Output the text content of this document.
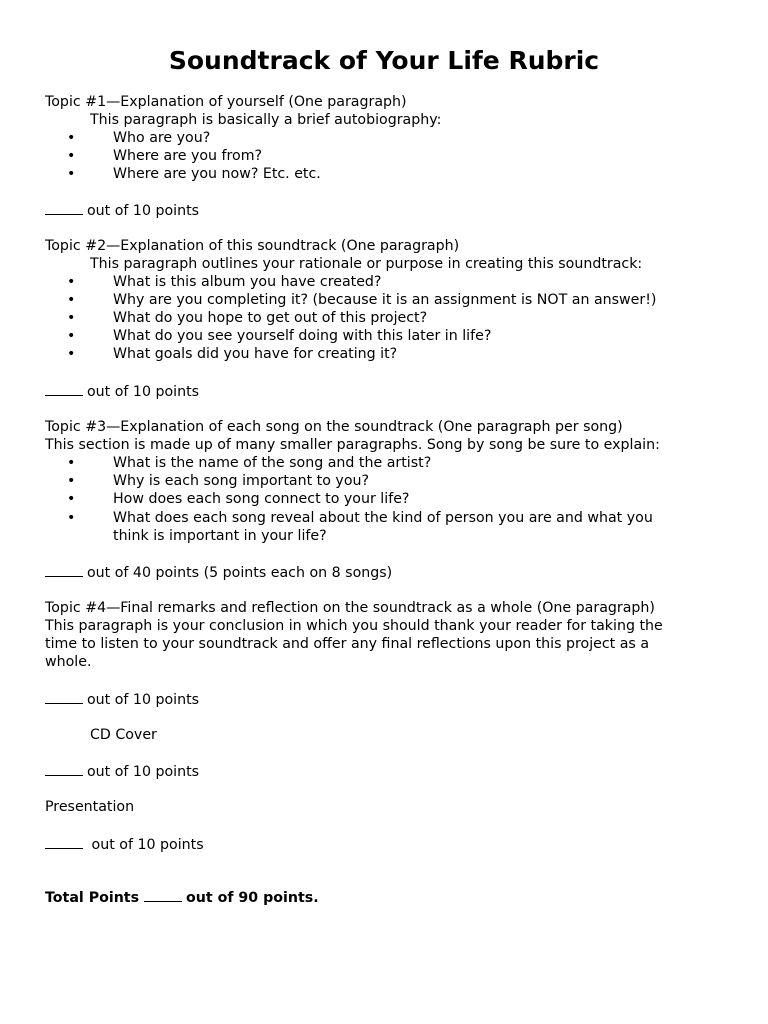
Soundtrack of Your Life Rubric
Topic #1—Explanation of yourself (One paragraph)
This paragraph is basically a brief autobiography:
•	Who are you?
•	Where are you from?
•	Where are you now? Etc. etc.
out of 10 points
Topic #2—Explanation of this soundtrack (One paragraph)
This paragraph outlines your rationale or purpose in creating this soundtrack:
•	What is this album you have created?
•	Why are you completing it? (because it is an assignment is NOT an answer!)
•	What do you hope to get out of this project?
•	What do you see yourself doing with this later in life?
•	What goals did you have for creating it?
out of 10 points
Topic #3—Explanation of each song on the soundtrack (One paragraph per song)
This section is made up of many smaller paragraphs. Song by song be sure to explain:
•	What is the name of the song and the artist?
•	Why is each song important to you?
•	How does each song connect to your life?
•	What does each song reveal about the kind of person you are and what you
think is important in your life?
out of 40 points (5 points each on 8 songs)
Topic #4—Final remarks and reflection on the soundtrack as a whole (One paragraph)
This paragraph is your conclusion in which you should thank your reader for taking the
time to listen to your soundtrack and offer any final reflections upon this project as a
whole.
out of 10 points
CD Cover
out of 10 points
Presentation
out of 10 points
Total Points	out of 90 points.
